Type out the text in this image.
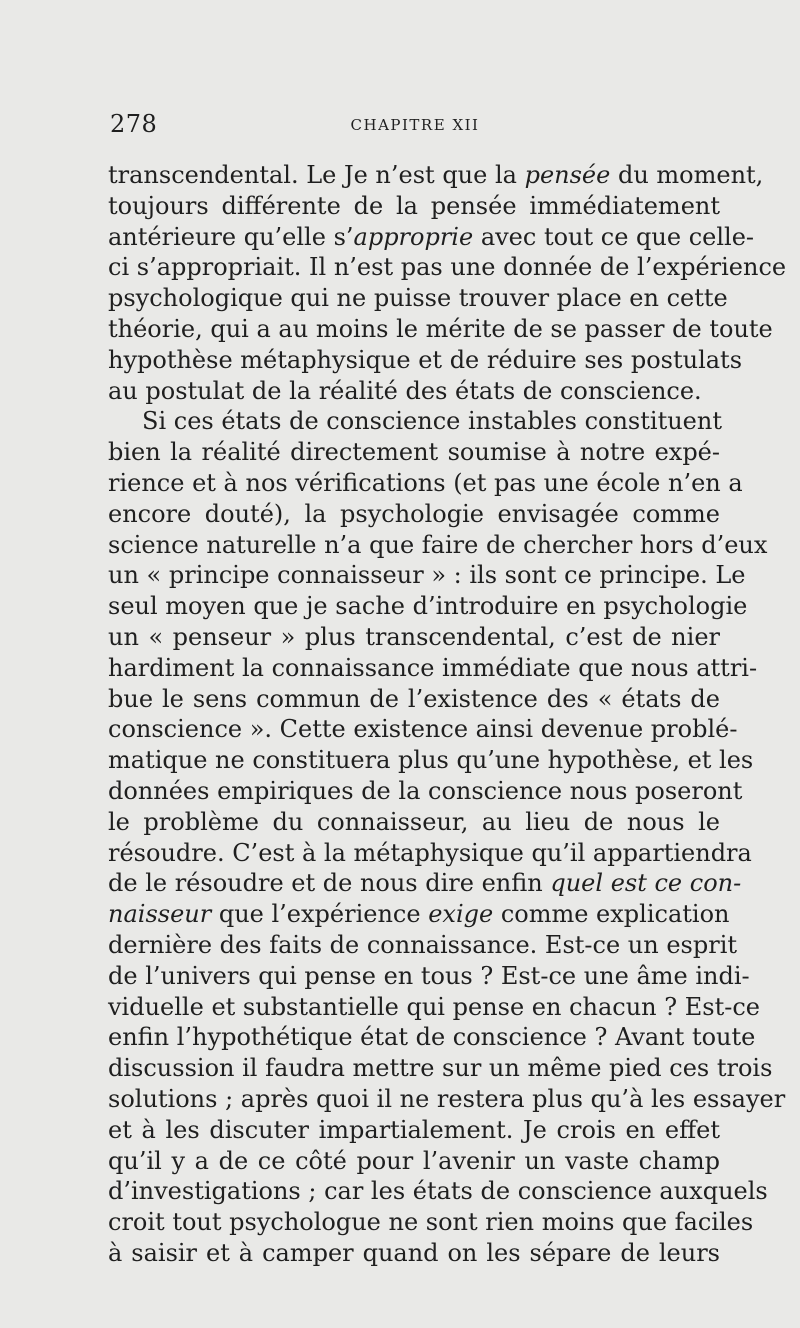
278	CHAPITRE XII
transcendental. Le Je n’est que la pensée du moment,
toujours différente de la pensée immédiatement
antérieure qu’elle s’approprie avec tout ce que celle-
ci s’appropriait. Il n’est pas une donnée de l’expérience
psychologique qui ne puisse trouver place en cette
théorie, qui a au moins le mérite de se passer de toute
hypothèse métaphysique et de réduire ses postulats
au postulat de la réalité des états de conscience.
Si ces états de conscience instables constituent
bien la réalité directement soumise à notre expé-
rience et à nos vérifications (et pas une école n’en a
encore douté), la psychologie envisagée comme
science naturelle n’a que faire de chercher hors d’eux
un « principe connaisseur » : ils sont ce principe. Le
seul moyen que je sache d’introduire en psychologie
un « penseur » plus transcendental, c’est de nier
hardiment la connaissance immédiate que nous attri-
bue le sens commun de l’existence des « états de
conscience ». Cette existence ainsi devenue problé-
matique ne constituera plus qu’une hypothèse, et les
données empiriques de la conscience nous poseront
le problème du connaisseur, au lieu de nous le
résoudre. C’est à la métaphysique qu’il appartiendra
de le résoudre et de nous dire enfin quel est ce con-
naisseur que l’expérience exige comme explication
dernière des faits de connaissance. Est-ce un esprit
de l’univers qui pense en tous ? Est-ce une âme indi-
viduelle et substantielle qui pense en chacun ? Est-ce
enfin l’hypothétique état de conscience ? Avant toute
discussion il faudra mettre sur un même pied ces trois
solutions ; après quoi il ne restera plus qu’à les essayer
et à les discuter impartialement. Je crois en effet
qu’il y a de ce côté pour l’avenir un vaste champ
d’investigations ; car les états de conscience auxquels
croit tout psychologue ne sont rien moins que faciles
à saisir et à camper quand on les sépare de leurs
